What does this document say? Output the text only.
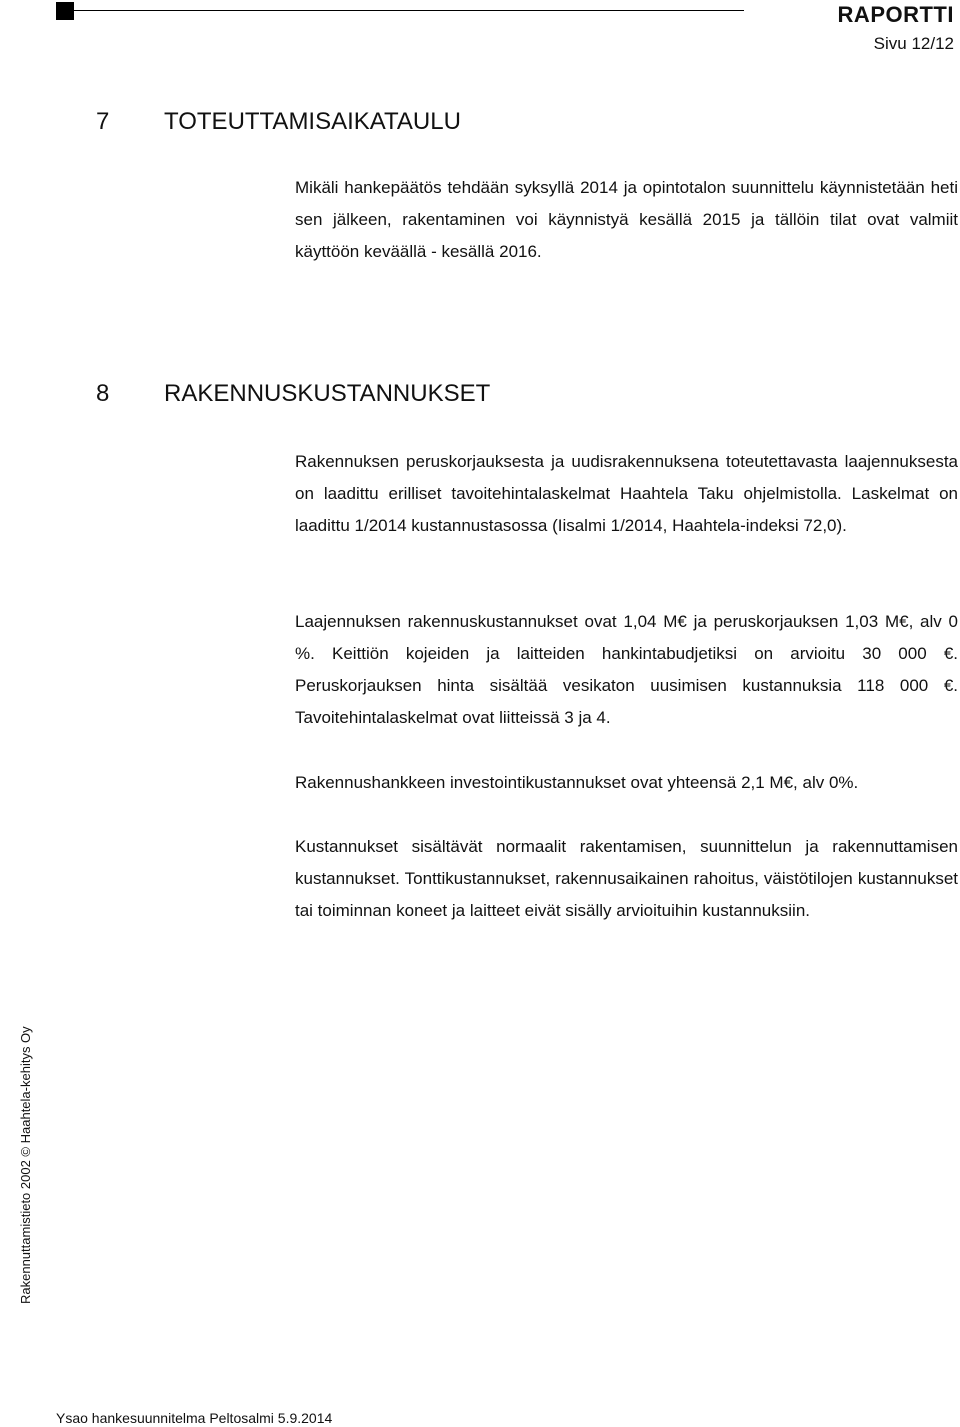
RAPORTTI
Sivu 12/12
7 TOTEUTTAMISAIKATAULU

Mikäli hankepäätös tehdään syksyllä 2014 ja opintotalon suunnittelu käynnistetään heti sen jälkeen, rakentaminen voi käynnistyä kesällä 2015 ja tällöin tilat ovat valmiit käyttöön keväällä - kesällä 2016.

8 RAKENNUSKUSTANNUKSET

Rakennuksen peruskorjauksesta ja uudisrakennuksena toteutettavasta laajennuksesta on laadittu erilliset tavoitehintalaskelmat Haahtela Taku ohjelmistolla. Laskelmat on laadittu 1/2014 kustannustasossa (Iisalmi 1/2014, Haahtela-indeksi 72,0).

Laajennuksen rakennuskustannukset ovat 1,04 M€ ja peruskorjauksen 1,03 M€, alv 0 %. Keittiön kojeiden ja laitteiden hankintabudjetiksi on arvioitu 30 000 €. Peruskorjauksen hinta sisältää vesikaton uusimisen kustannuksia 118 000 €. Tavoitehintalaskelmat ovat liitteissä 3 ja 4.

Rakennushankkeen investointikustannukset ovat yhteensä 2,1 M€, alv 0%.

Kustannukset sisältävät normaalit rakentamisen, suunnittelun ja rakennuttamisen kustannukset. Tonttikustannukset, rakennusaikainen rahoitus, väistötilojen kustannukset tai toiminnan koneet ja laitteet eivät sisälly arvioituihin kustannuksiin.

Rakennuttamistieto 2002 © Haahtela-kehitys Oy
Ysao hankesuunnitelma Peltosalmi 5.9.2014
